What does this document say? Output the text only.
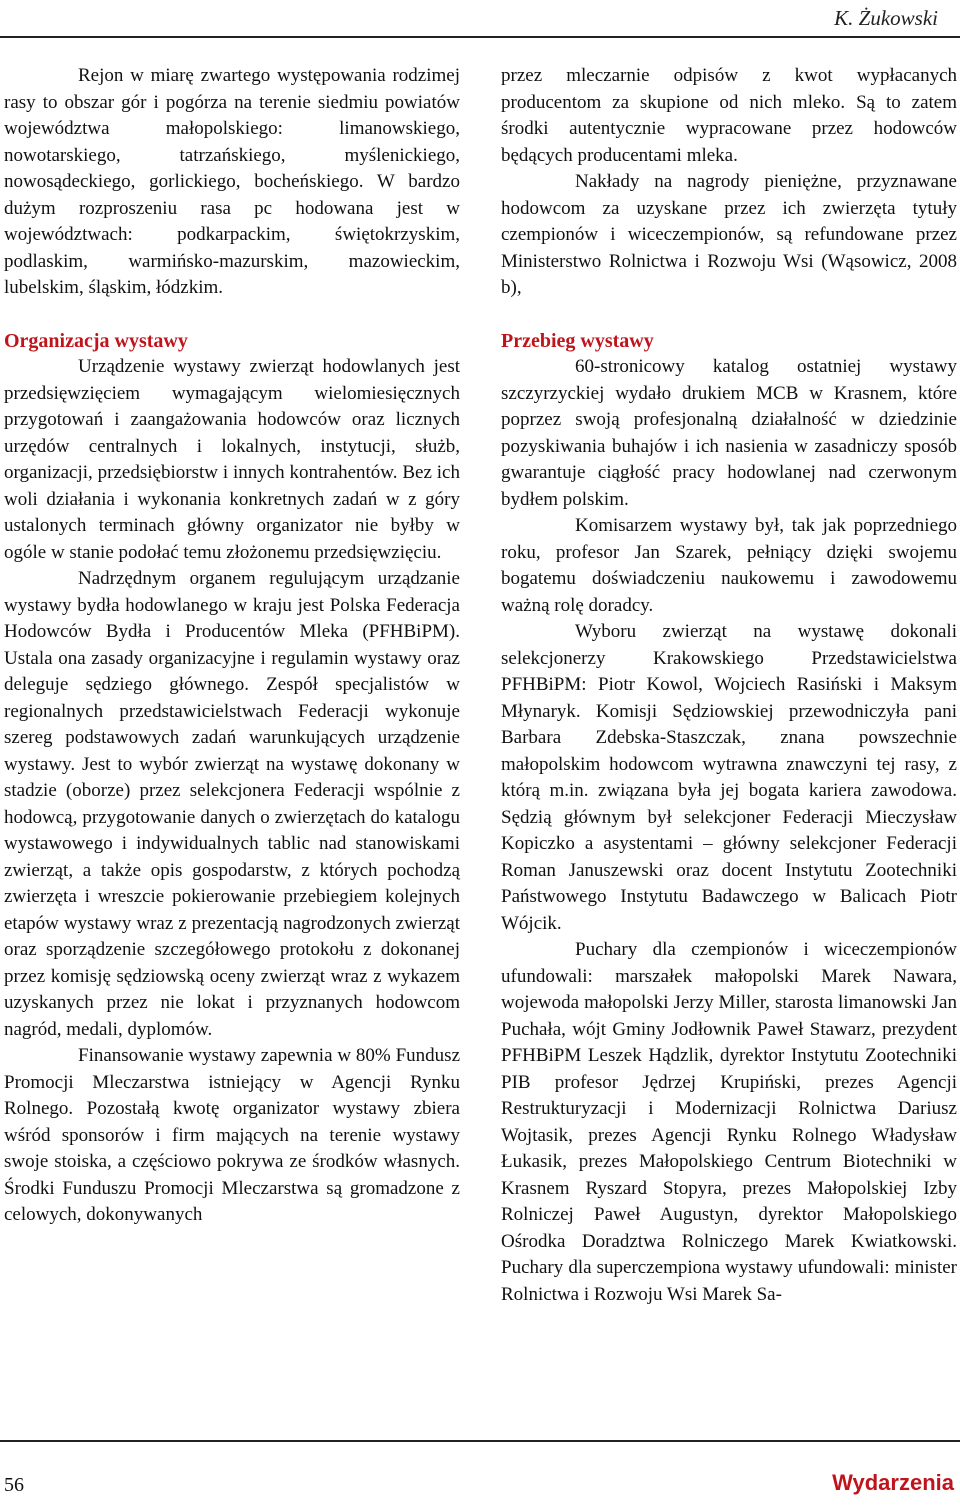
K. Żukowski

Rejon w miarę zwartego występowania rodzimej rasy to obszar gór i pogórza na terenie siedmiu powiatów województwa małopolskiego: limanowskiego, nowotarskiego, tatrzańskiego, myślenickiego, nowosądeckiego, gorlickiego, bocheńskiego. W bardzo dużym rozproszeniu rasa pc hodowana jest w województwach: podkarpackim, świętokrzyskim, podlaskim, warmińsko-mazurskim, mazowieckim, lubelskim, śląskim, łódzkim.

Organizacja wystawy

Urządzenie wystawy zwierząt hodowlanych jest przedsięwzięciem wymagającym wielomiesięcznych przygotowań i zaangażowania hodowców oraz licznych urzędów centralnych i lokalnych, instytucji, służb, organizacji, przedsiębiorstw i innych kontrahentów. Bez ich woli działania i wykonania konkretnych zadań w z góry ustalonych terminach główny organizator nie byłby w ogóle w stanie podołać temu złożonemu przedsięwzięciu.

Nadrzędnym organem regulującym urządzanie wystawy bydła hodowlanego w kraju jest Polska Federacja Hodowców Bydła i Producentów Mleka (PFHBiPM). Ustala ona zasady organizacyjne i regulamin wystawy oraz deleguje sędziego głównego. Zespół specjalistów w regionalnych przedstawicielstwach Federacji wykonuje szereg podstawowych zadań warunkujących urządzenie wystawy. Jest to wybór zwierząt na wystawę dokonany w stadzie (oborze) przez selekcjonera Federacji wspólnie z hodowcą, przygotowanie danych o zwierzętach do katalogu wystawowego i indywidualnych tablic nad stanowiskami zwierząt, a także opis gospodarstw, z których pochodzą zwierzęta i wreszcie pokierowanie przebiegiem kolejnych etapów wystawy wraz z prezentacją nagrodzonych zwierząt oraz sporządzenie szczegółowego protokołu z dokonanej przez komisję sędziowską oceny zwierząt wraz z wykazem uzyskanych przez nie lokat i przyznanych hodowcom nagród, medali, dyplomów.

Finansowanie wystawy zapewnia w 80% Fundusz Promocji Mleczarstwa istniejący w Agencji Rynku Rolnego. Pozostałą kwotę organizator wystawy zbiera wśród sponsorów i firm mających na terenie wystawy swoje stoiska, a częściowo pokrywa ze środków własnych. Środki Funduszu Promocji Mleczarstwa są gromadzone z celowych, dokonywanych

przez mleczarnie odpisów z kwot wypłacanych producentom za skupione od nich mleko. Są to zatem środki autentycznie wypracowane przez hodowców będących producentami mleka.

Nakłady na nagrody pieniężne, przyznawane hodowcom za uzyskane przez ich zwierzęta tytuły czempionów i wiceczempionów, są refundowane przez Ministerstwo Rolnictwa i Rozwoju Wsi (Wąsowicz, 2008 b),

Przebieg wystawy

60-stronicowy katalog ostatniej wystawy szczyrzyckiej wydało drukiem MCB w Krasnem, które poprzez swoją profesjonalną działalność w dziedzinie pozyskiwania buhajów i ich nasienia w zasadniczy sposób gwarantuje ciągłość pracy hodowlanej nad czerwonym bydłem polskim.

Komisarzem wystawy był, tak jak poprzedniego roku, profesor Jan Szarek, pełniący dzięki swojemu bogatemu doświadczeniu naukowemu i zawodowemu ważną rolę doradcy.

Wyboru zwierząt na wystawę dokonali selekcjonerzy Krakowskiego Przedstawicielstwa PFHBiPM: Piotr Kowol, Wojciech Rasiński i Maksym Młynaryk. Komisji Sędziowskiej przewodniczyła pani Barbara Zdebska-Staszczak, znana powszechnie małopolskim hodowcom wytrawna znawczyni tej rasy, z którą m.in. związana była jej bogata kariera zawodowa. Sędzią głównym był selekcjoner Federacji Mieczysław Kopiczko a asystentami – główny selekcjoner Federacji Roman Januszewski oraz docent Instytutu Zootechniki Państwowego Instytutu Badawczego w Balicach Piotr Wójcik.

Puchary dla czempionów i wiceczempionów ufundowali: marszałek małopolski Marek Nawara, wojewoda małopolski Jerzy Miller, starosta limanowski Jan Puchała, wójt Gminy Jodłownik Paweł Stawarz, prezydent PFHBiPM Leszek Hądzlik, dyrektor Instytutu Zootechniki PIB profesor Jędrzej Krupiński, prezes Agencji Restrukturyzacji i Modernizacji Rolnictwa Dariusz Wojtasik, prezes Agencji Rynku Rolnego Władysław Łukasik, prezes Małopolskiego Centrum Biotechniki w Krasnem Ryszard Stopyra, prezes Małopolskiej Izby Rolniczej Paweł Augustyn, dyrektor Małopolskiego Ośrodka Doradztwa Rolniczego Marek Kwiatkowski. Puchary dla superczempiona wystawy ufundowali: minister Rolnictwa i Rozwoju Wsi Marek Sa-

56	Wydarzenia
